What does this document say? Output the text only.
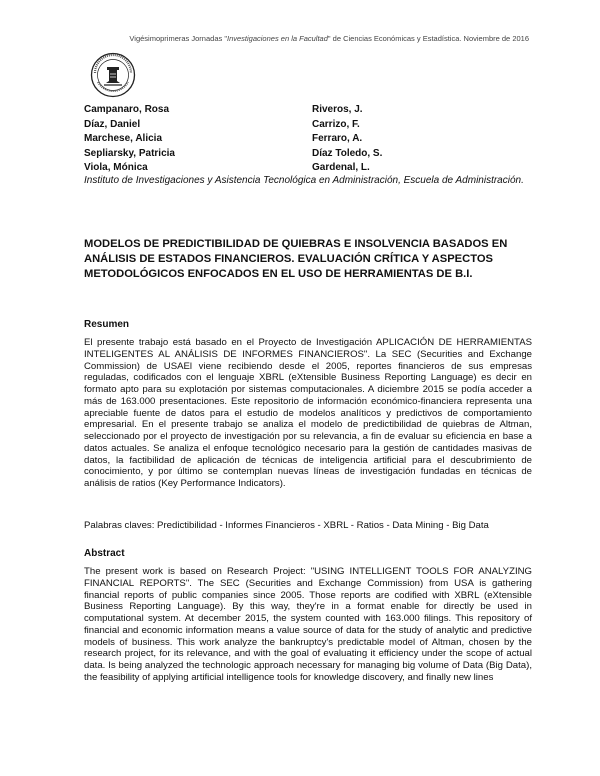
Vigésimoprimeras Jornadas "Investigaciones en la Facultad" de Ciencias Económicas y Estadística. Noviembre de 2016
Campanaro, Rosa
Díaz, Daniel
Marchese, Alicia
Sepliarsky, Patricia
Viola, Mónica
Riveros, J.
Carrizo, F.
Ferraro, A.
Díaz Toledo, S.
Gardenal, L.
Instituto de Investigaciones y Asistencia Tecnológica en Administración, Escuela de Administración.
MODELOS DE PREDICTIBILIDAD DE QUIEBRAS E INSOLVENCIA BASADOS EN ANÁLISIS DE ESTADOS FINANCIEROS. EVALUACIÓN CRÍTICA Y ASPECTOS METODOLÓGICOS ENFOCADOS EN EL USO DE HERRAMIENTAS DE B.I.
Resumen
El presente trabajo está basado en el Proyecto de Investigación APLICACIÓN DE HERRAMIENTAS INTELIGENTES AL ANÁLISIS DE INFORMES FINANCIEROS". La SEC (Securities and Exchange Commission) de USAEl viene recibiendo desde el 2005, reportes financieros de sus empresas reguladas, codificados con el lenguaje XBRL (eXtensible Business Reporting Language) es decir en formato apto para su explotación por sistemas computacionales. A diciembre 2015 se podía acceder a más de 163.000 presentaciones. Este repositorio de información económico-financiera representa una apreciable fuente de datos para el estudio de modelos analíticos y predictivos de comportamiento empresarial. En el presente trabajo se analiza el modelo de predictibilidad de quiebras de Altman, seleccionado por el proyecto de investigación por su relevancia, a fin de evaluar su eficiencia en base a datos actuales. Se analiza el enfoque tecnológico necesario para la gestión de cantidades masivas de datos, la factibilidad de aplicación de técnicas de inteligencia artificial para el descubrimiento de conocimiento, y por último se contemplan nuevas líneas de investigación fundadas en técnicas de análisis de ratios (Key Performance Indicators).
Palabras claves: Predictibilidad - Informes Financieros - XBRL - Ratios - Data Mining - Big Data
Abstract
The present work is based on Research Project: "USING INTELLIGENT TOOLS FOR ANALYZING FINANCIAL REPORTS". The SEC (Securities and Exchange Commission) from USA is gathering financial reports of public companies since 2005. Those reports are codified with XBRL (eXtensible Business Reporting Language). By this way, they're in a format enable for directly be used in computational system. At december 2015, the system counted with 163.000 filings. This repository of financial and economic information means a value source of data for the study of analytic and predictive models of business. This work analyze the bankruptcy's predictable model of Altman, chosen by the research project, for its relevance, and with the goal of evaluating it efficiency under the scope of actual data. Is being analyzed the technologic approach necessary for managing big volume of Data (Big Data), the feasibility of applying artificial intelligence tools for knowledge discovery, and finally new lines
